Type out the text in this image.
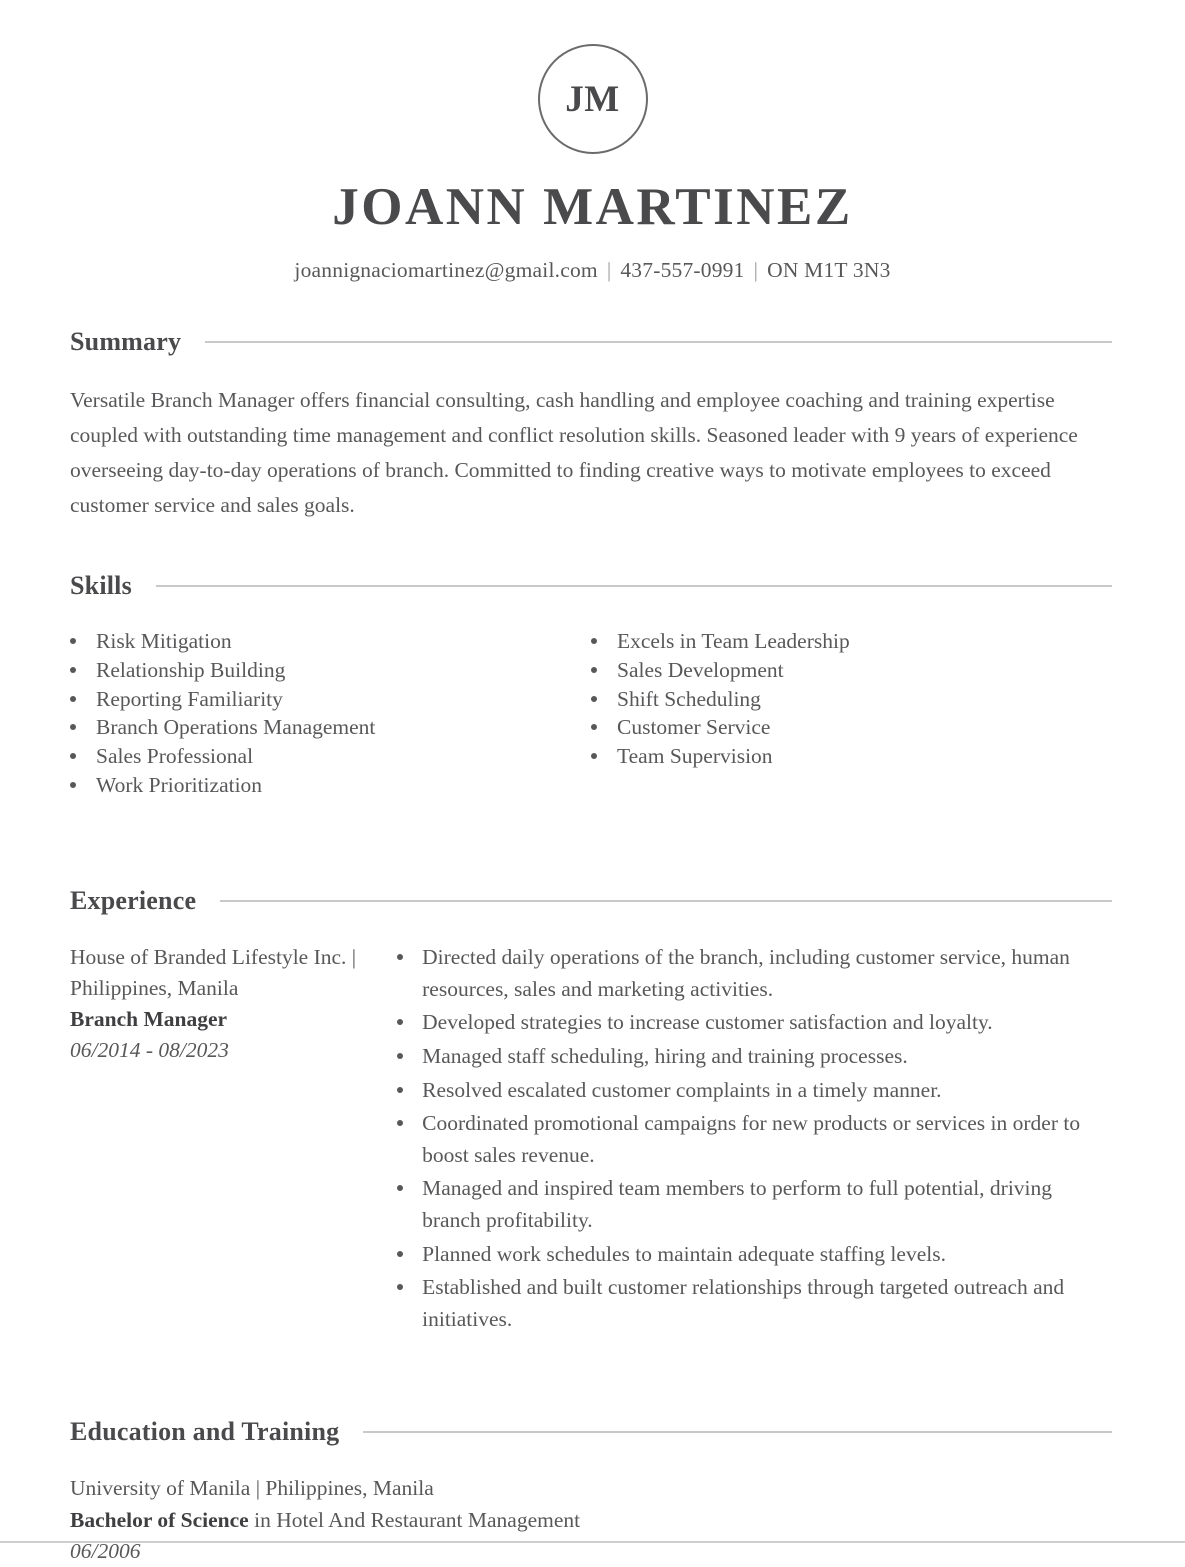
JM
JOANN MARTINEZ
joannignaciomartinez@gmail.com | 437-557-0991 | ON M1T 3N3
Summary
Versatile Branch Manager offers financial consulting, cash handling and employee coaching and training expertise coupled with outstanding time management and conflict resolution skills. Seasoned leader with 9 years of experience overseeing day-to-day operations of branch. Committed to finding creative ways to motivate employees to exceed customer service and sales goals.
Skills
Risk Mitigation
Relationship Building
Reporting Familiarity
Branch Operations Management
Sales Professional
Work Prioritization
Excels in Team Leadership
Sales Development
Shift Scheduling
Customer Service
Team Supervision
Experience
House of Branded Lifestyle Inc. | Philippines, Manila
Branch Manager
06/2014 - 08/2023
Directed daily operations of the branch, including customer service, human resources, sales and marketing activities.
Developed strategies to increase customer satisfaction and loyalty.
Managed staff scheduling, hiring and training processes.
Resolved escalated customer complaints in a timely manner.
Coordinated promotional campaigns for new products or services in order to boost sales revenue.
Managed and inspired team members to perform to full potential, driving branch profitability.
Planned work schedules to maintain adequate staffing levels.
Established and built customer relationships through targeted outreach and initiatives.
Education and Training
University of Manila | Philippines, Manila
Bachelor of Science in Hotel And Restaurant Management
06/2006
